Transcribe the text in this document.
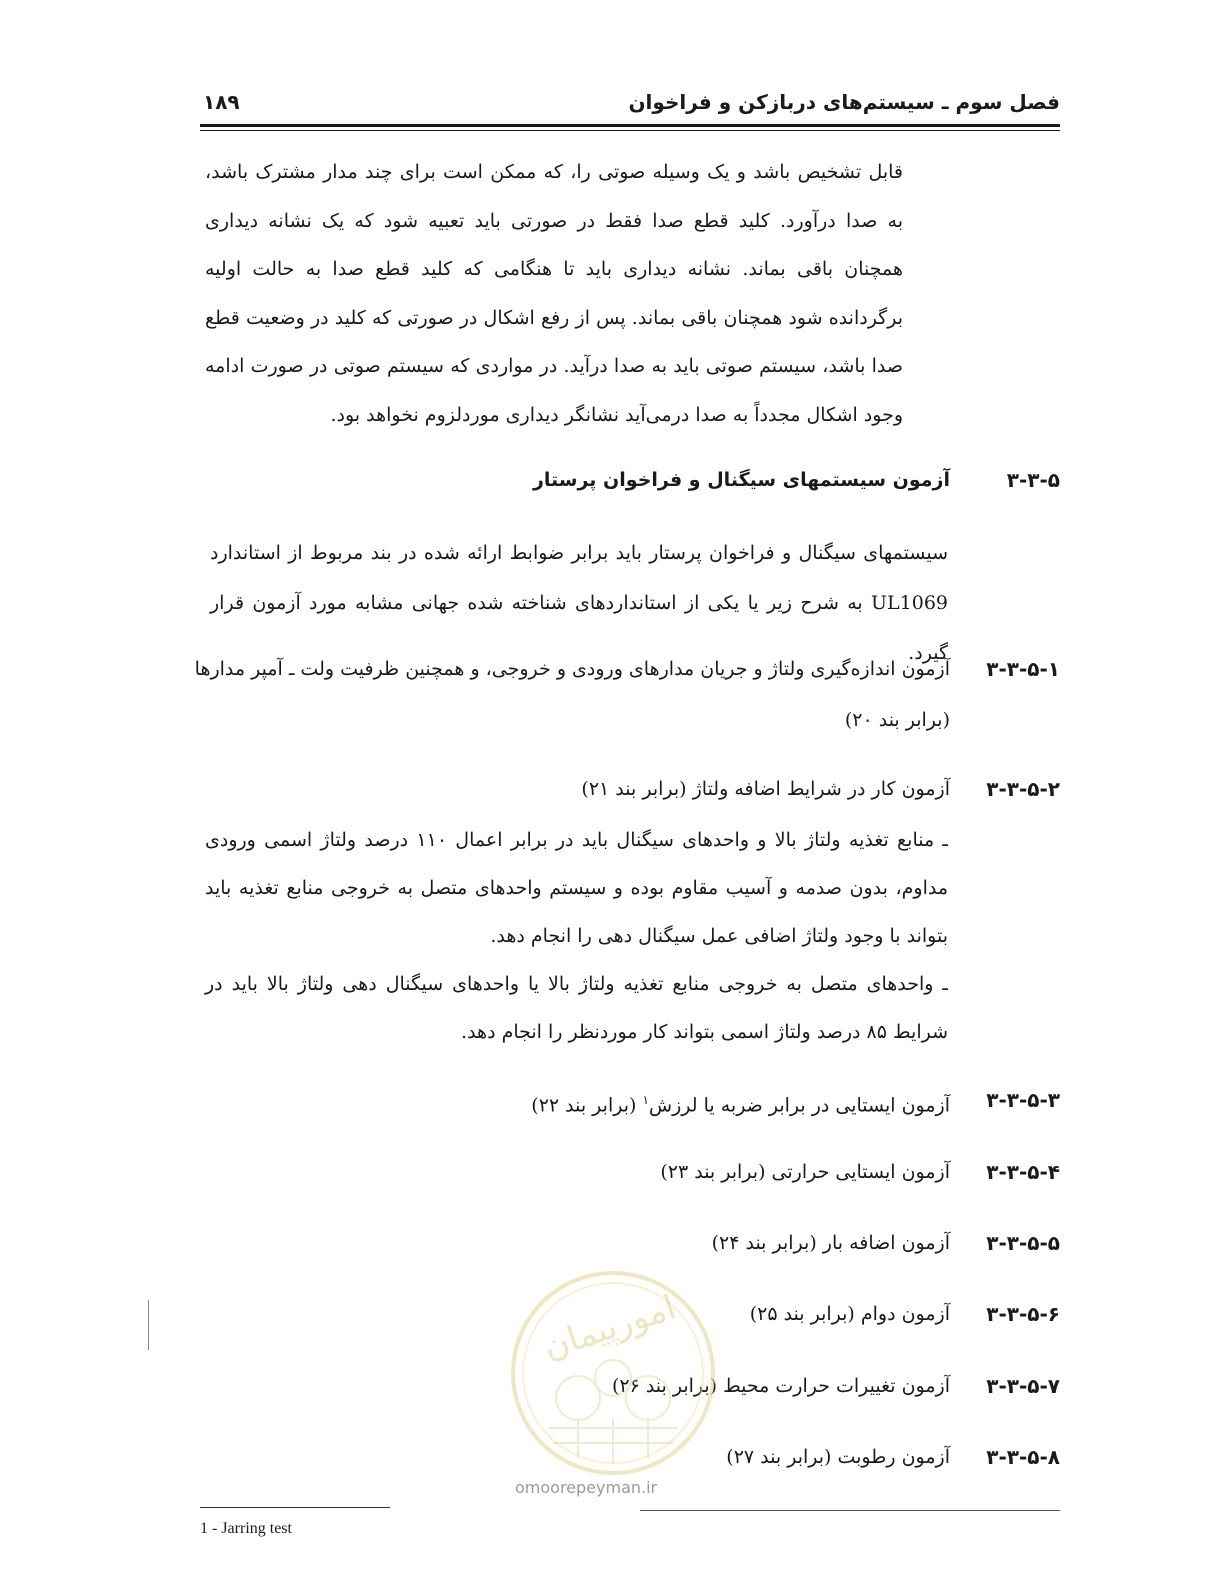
فصل سوم ـ سیستم‌های دربازکن و فراخوان
۱۸۹
قابل تشخیص باشد و یک وسیله صوتی را، که ممکن است برای چند مدار مشترک باشد، به صدا درآورد. کلید قطع صدا فقط در صورتی باید تعبیه شود که یک نشانه دیداری همچنان باقی بماند. نشانه دیداری باید تا هنگامی که کلید قطع صدا به حالت اولیه برگردانده شود همچنان باقی بماند. پس از رفع اشکال در صورتی که کلید در وضعیت قطع صدا باشد، سیستم صوتی باید به صدا درآید. در مواردی که سیستم صوتی در صورت ادامه وجود اشکال مجدداً به صدا درمی‌آید نشانگر دیداری موردلزوم نخواهد بود.
۳-۳-۵
آزمون سیستمهای سیگنال و فراخوان پرستار
سیستمهای سیگنال و فراخوان پرستار باید برابر ضوابط ارائه شده در بند مربوط از استاندارد UL1069 به شرح زیر یا یکی از استانداردهای شناخته شده جهانی مشابه مورد آزمون قرار گیرد.
۳-۳-۵-۱
آزمون اندازه‌گیری ولتاژ و جریان مدارهای ورودی و خروجی، و همچنین ظرفیت ولت ـ آمپر مدارها
(برابر بند ۲۰)
۳-۳-۵-۲
آزمون کار در شرایط اضافه ولتاژ (برابر بند ۲۱)
ـ منابع تغذیه ولتاژ بالا و واحدهای سیگنال باید در برابر اعمال ۱۱۰ درصد ولتاژ اسمی ورودی مداوم، بدون صدمه و آسیب مقاوم بوده و سیستم واحدهای متصل به خروجی منابع تغذیه باید بتواند با وجود ولتاژ اضافی عمل سیگنال دهی را انجام دهد.
ـ واحدهای متصل به خروجی منابع تغذیه ولتاژ بالا یا واحدهای سیگنال دهی ولتاژ بالا باید در شرایط ۸۵ درصد ولتاژ اسمی بتواند کار موردنظر را انجام دهد.
۳-۳-۵-۳
آزمون ایستایی در برابر ضربه یا لرزش$^۱$ (برابر بند ۲۲)
۳-۳-۵-۴
آزمون ایستایی حرارتی (برابر بند ۲۳)
۳-۳-۵-۵
آزمون اضافه بار (برابر بند ۲۴)
۳-۳-۵-۶
آزمون دوام (برابر بند ۲۵)
۳-۳-۵-۷
آزمون تغییرات حرارت محیط (برابر بند ۲۶)
۳-۳-۵-۸
آزمون رطوبت (برابر بند ۲۷)
امورپیمان
omoorepeyman.ir
1 - Jarring test
